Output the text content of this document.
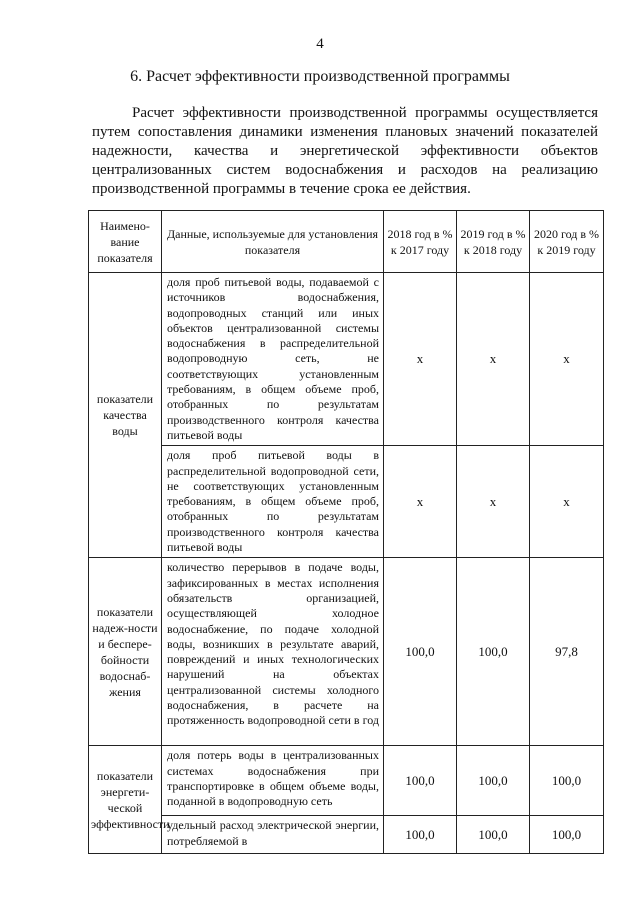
4
6. Расчет эффективности производственной программы

Расчет эффективности производственной программы осуществляется путем сопоставления динамики изменения плановых значений показателей надежности, качества и энергетической эффективности объектов централизованных систем водоснабжения и расходов на реализацию производственной программы в течение срока ее действия.

Наимено-вание показателя	Данные, используемые для установления показателя	2018 год в % к 2017 году	2019 год в % к 2018 году	2020 год в % к 2019 году
показатели качества воды	доля проб питьевой воды, подаваемой с источников водоснабжения, водопроводных станций или иных объектов централизованной системы водоснабжения в распределительной водопроводную сеть, не соответствующих установленным требованиям, в общем объеме проб, отобранных по результатам производственного контроля качества питьевой воды	x	x	x
	доля проб питьевой воды в распределительной водопроводной сети, не соответствующих установленным требованиям, в общем объеме проб, отобранных по результатам производственного контроля качества питьевой воды	x	x	x
показатели надеж-ности и беспере-бойности водоснаб-жения	количество перерывов в подаче воды, зафиксированных в местах исполнения обязательств организацией, осуществляющей холодное водоснабжение, по подаче холодной воды, возникших в результате аварий, повреждений и иных технологических нарушений на объектах централизованной системы холодного водоснабжения, в расчете на протяженность водопроводной сети в год	100,0	100,0	97,8
показатели энергети-ческой эффективности	доля потерь воды в централизованных системах водоснабжения при транспортировке в общем объеме воды, поданной в водопроводную сеть	100,0	100,0	100,0
	удельный расход электрической энергии, потребляемой в	100,0	100,0	100,0
